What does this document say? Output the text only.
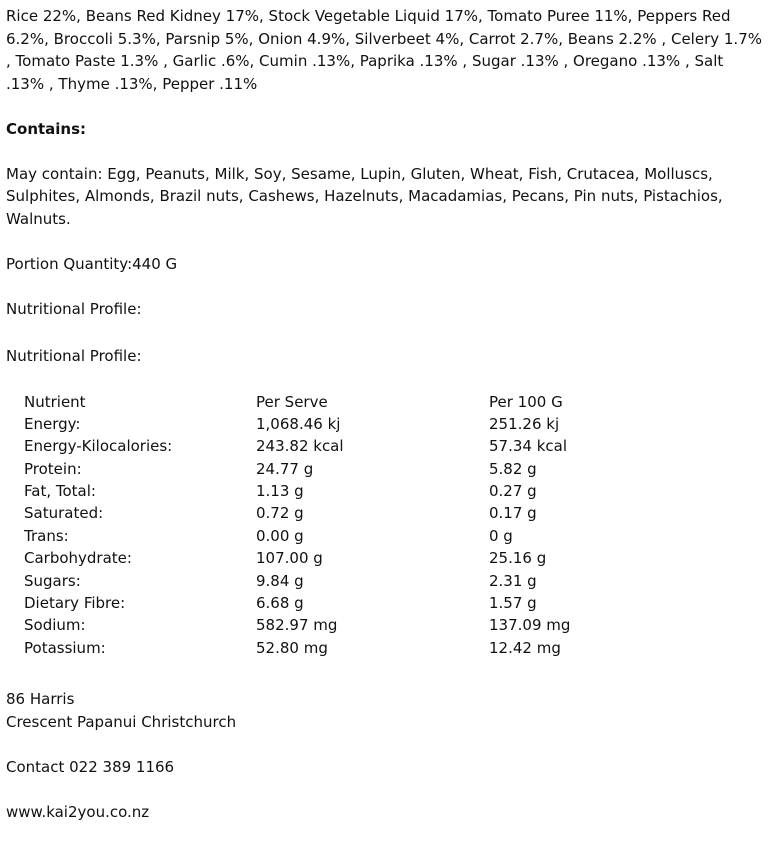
Rice 22%, Beans Red Kidney 17%, Stock Vegetable Liquid 17%, Tomato Puree 11%, Peppers Red 6.2%, Broccoli 5.3%, Parsnip 5%, Onion 4.9%, Silverbeet 4%, Carrot 2.7%, Beans 2.2% , Celery 1.7% , Tomato Paste 1.3% , Garlic .6%, Cumin .13%, Paprika .13% , Sugar .13% , Oregano .13% , Salt .13% , Thyme .13%, Pepper .11%

Contains:

May contain: Egg, Peanuts, Milk, Soy, Sesame, Lupin, Gluten, Wheat, Fish, Crutacea, Molluscs, Sulphites, Almonds, Brazil nuts, Cashews, Hazelnuts, Macadamias, Pecans, Pin nuts, Pistachios, Walnuts.

Portion Quantity:440 G

Nutritional Profile:

Nutritional Profile:

Nutrient	Per Serve	Per 100 G
Energy:	1,068.46 kj	251.26 kj
Energy-Kilocalories:	243.82 kcal	57.34 kcal
Protein:	24.77 g	5.82 g
Fat, Total:	1.13 g	0.27 g
Saturated:	0.72 g	0.17 g
Trans:	0.00 g	0 g
Carbohydrate:	107.00 g	25.16 g
Sugars:	9.84 g	2.31 g
Dietary Fibre:	6.68 g	1.57 g
Sodium:	582.97 mg	137.09 mg
Potassium:	52.80 mg	12.42 mg

86 Harris

Crescent Papanui Christchurch

Contact 022 389 1166

www.kai2you.co.nz
